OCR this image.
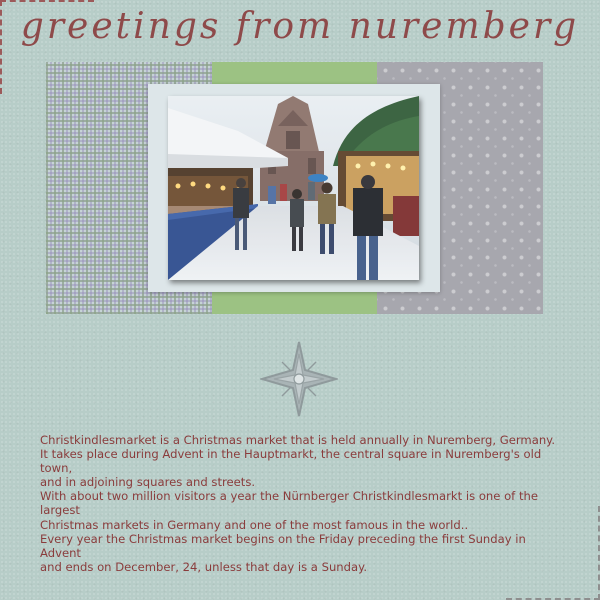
greetings from nuremberg

Christkindlesmarket is a Christmas market that is held annually in Nuremberg, Germany.
It takes place during Advent in the Hauptmarkt, the central square in Nuremberg's old town,
and in adjoining squares and streets.
With about two million visitors a year the Nürnberger Christkindlesmarkt is one of the largest
Christmas markets in Germany and one of the most famous in the world..
Every year the Christmas market begins on the Friday preceding the first Sunday in Advent
and ends on December, 24, unless that day is a Sunday.
